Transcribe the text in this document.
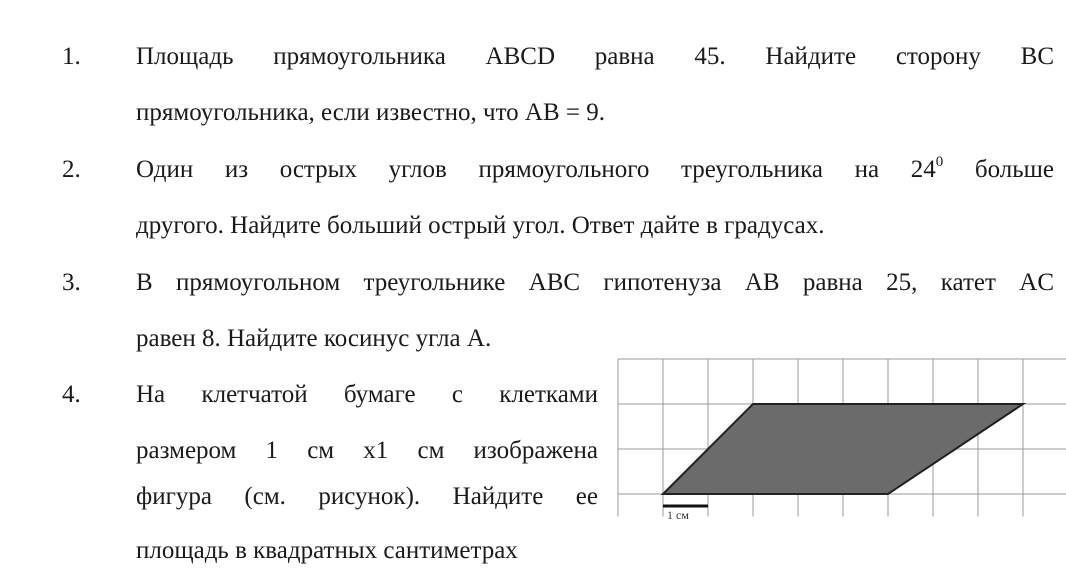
1. Площадь прямоугольника ABCD равна 45. Найдите сторону BC
прямоугольника, если известно, что AB = 9.
2. Один из острых углов прямоугольного треугольника на $24^0$ больше
другого. Найдите больший острый угол. Ответ дайте в градусах.
3. В прямоугольном треугольнике ABC гипотенуза AB равна 25, катет AC
равен 8. Найдите косинус угла A.
4. На клетчатой бумаге с клетками
размером 1 см x1 см изображена
фигура (см. рисунок). Найдите ее
площадь в квадратных сантиметрах
1 см
